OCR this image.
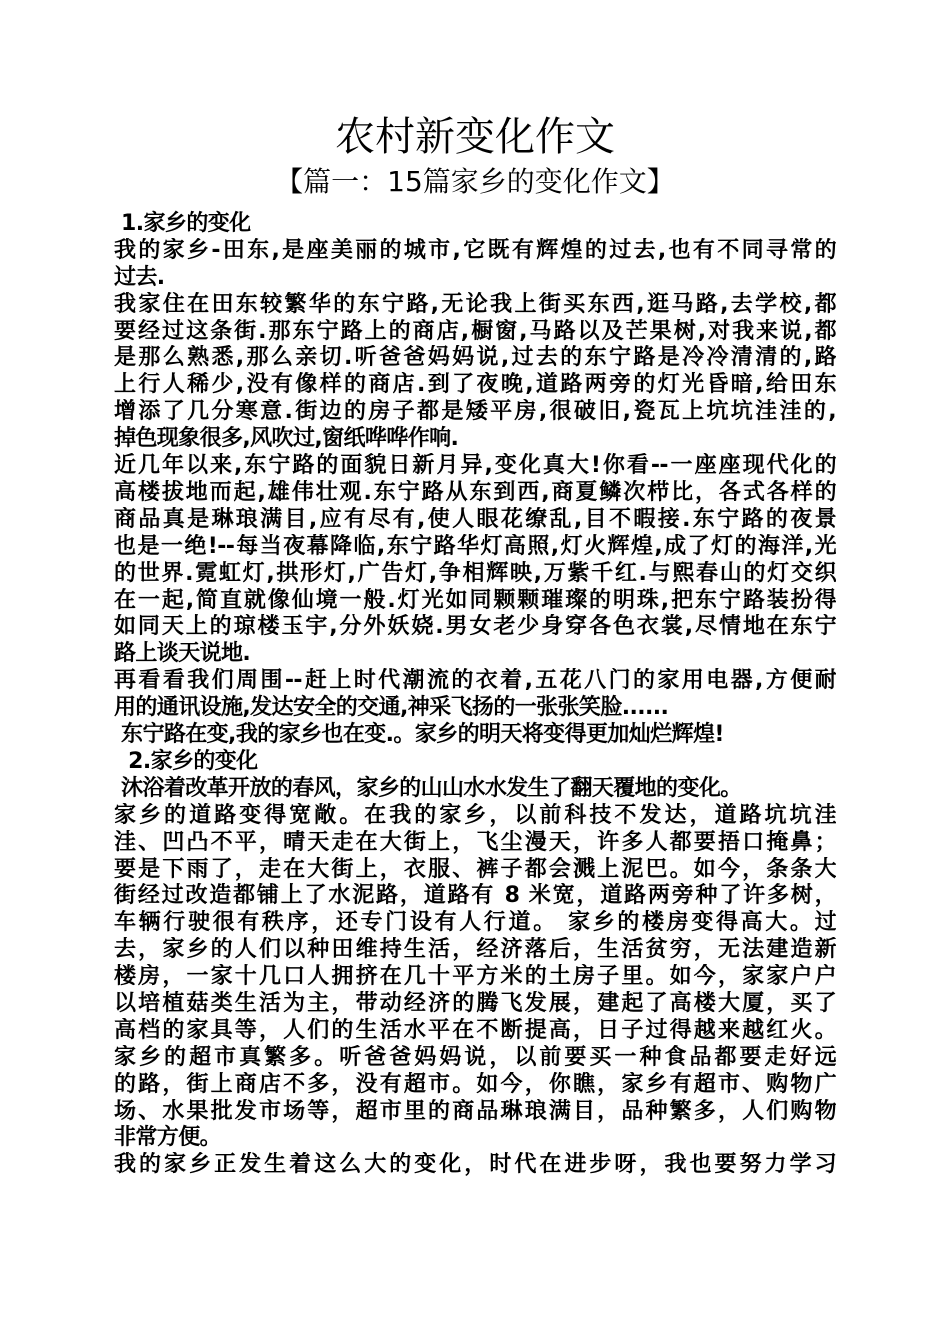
农村新变化作文
【篇一：15篇家乡的变化作文】
1.家乡的变化
我的家乡-田东,是座美丽的城市,它既有辉煌的过去,也有不同寻常的
过去.
我家住在田东较繁华的东宁路,无论我上街买东西,逛马路,去学校,都
要经过这条街.那东宁路上的商店,橱窗,马路以及芒果树,对我来说,都
是那么熟悉,那么亲切.听爸爸妈妈说,过去的东宁路是冷冷清清的,路
上行人稀少,没有像样的商店.到了夜晚,道路两旁的灯光昏暗,给田东
增添了几分寒意.街边的房子都是矮平房,很破旧,瓷瓦上坑坑洼洼的,
掉色现象很多,风吹过,窗纸哗哗作响.
近几年以来,东宁路的面貌日新月异,变化真大!你看--一座座现代化的
高楼拔地而起,雄伟壮观.东宁路从东到西,商夏鳞次栉比，各式各样的
商品真是琳琅满目,应有尽有,使人眼花缭乱,目不暇接.东宁路的夜景
也是一绝!--每当夜幕降临,东宁路华灯高照,灯火辉煌,成了灯的海洋,光
的世界.霓虹灯,拱形灯,广告灯,争相辉映,万紫千红.与熙春山的灯交织
在一起,简直就像仙境一般.灯光如同颗颗璀璨的明珠,把东宁路装扮得
如同天上的琼楼玉宇,分外妖娆.男女老少身穿各色衣裳,尽情地在东宁
路上谈天说地.
再看看我们周围--赶上时代潮流的衣着,五花八门的家用电器,方便耐
用的通讯设施,发达安全的交通,神采飞扬的一张张笑脸......
东宁路在变,我的家乡也在变.。家乡的明天将变得更加灿烂辉煌!
2.家乡的变化
沐浴着改革开放的春风，家乡的山山水水发生了翻天覆地的变化。
家乡的道路变得宽敞。在我的家乡，以前科技不发达，道路坑坑洼
洼、凹凸不平，晴天走在大街上，飞尘漫天，许多人都要捂口掩鼻；
要是下雨了，走在大街上，衣服、裤子都会溅上泥巴。如今，条条大
街经过改造都铺上了水泥路，道路有 8 米宽，道路两旁种了许多树，
车辆行驶很有秩序，还专门设有人行道。 家乡的楼房变得高大。过
去，家乡的人们以种田维持生活，经济落后，生活贫穷，无法建造新
楼房，一家十几口人拥挤在几十平方米的土房子里。如今，家家户户
以培植菇类生活为主，带动经济的腾飞发展，建起了高楼大厦，买了
高档的家具等，人们的生活水平在不断提高，日子过得越来越红火。
家乡的超市真繁多。听爸爸妈妈说，以前要买一种食品都要走好远
的路，街上商店不多，没有超市。如今，你瞧，家乡有超市、购物广
场、水果批发市场等，超市里的商品琳琅满目，品种繁多，人们购物
非常方便。
我的家乡正发生着这么大的变化，时代在进步呀，我也要努力学习
